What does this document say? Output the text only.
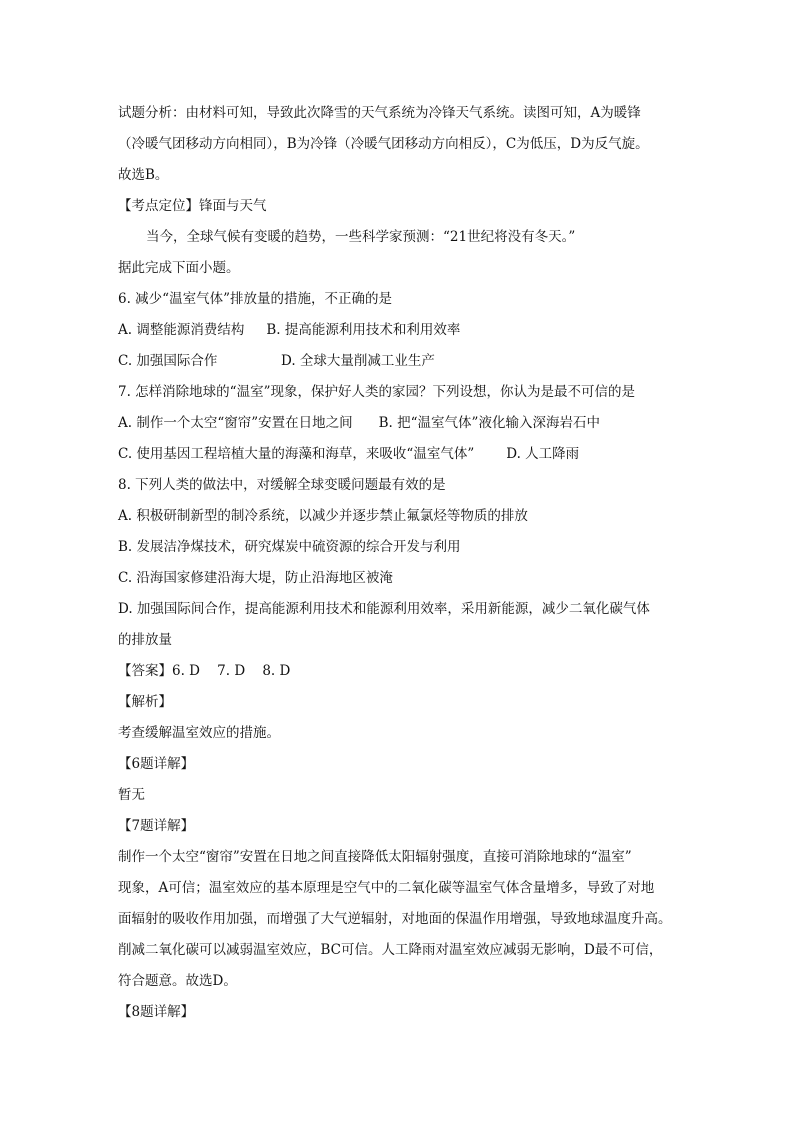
试题分析：由材料可知，导致此次降雪的天气系统为冷锋天气系统。读图可知，A为暖锋
（冷暖气团移动方向相同），B为冷锋（冷暖气团移动方向相反），C为低压，D为反气旋。
故选B。
【考点定位】锋面与天气
当今，全球气候有变暖的趋势，一些科学家预测：“21世纪将没有冬天。”
据此完成下面小题。
6. 减少“温室气体”排放量的措施，不正确的是
A. 调整能源消费结构 B. 提高能源利用技术和利用效率
C. 加强国际合作	D. 全球大量削减工业生产
7. 怎样消除地球的“温室”现象，保护好人类的家园？下列设想，你认为是最不可信的是
A. 制作一个太空“窗帘”安置在日地之间 B. 把“温室气体”液化输入深海岩石中
C. 使用基因工程培植大量的海藻和海草，来吸收“温室气体” D. 人工降雨
8. 下列人类的做法中，对缓解全球变暖问题最有效的是
A. 积极研制新型的制冷系统，以减少并逐步禁止氟氯烃等物质的排放
B. 发展洁净煤技术，研究煤炭中硫资源的综合开发与利用
C. 沿海国家修建沿海大堤，防止沿海地区被淹
D. 加强国际间合作，提高能源利用技术和能源利用效率，采用新能源，减少二氧化碳气体
的排放量
【答案】6. D    7. D    8. D
【解析】
考查缓解温室效应的措施。
【6题详解】
暂无
【7题详解】
制作一个太空“窗帘”安置在日地之间直接降低太阳辐射强度，直接可消除地球的“温室”
现象，A可信；温室效应的基本原理是空气中的二氧化碳等温室气体含量增多，导致了对地
面辐射的吸收作用加强，而增强了大气逆辐射，对地面的保温作用增强，导致地球温度升高。
削减二氧化碳可以减弱温室效应，BC可信。人工降雨对温室效应减弱无影响，D最不可信，
符合题意。故选D。
【8题详解】
